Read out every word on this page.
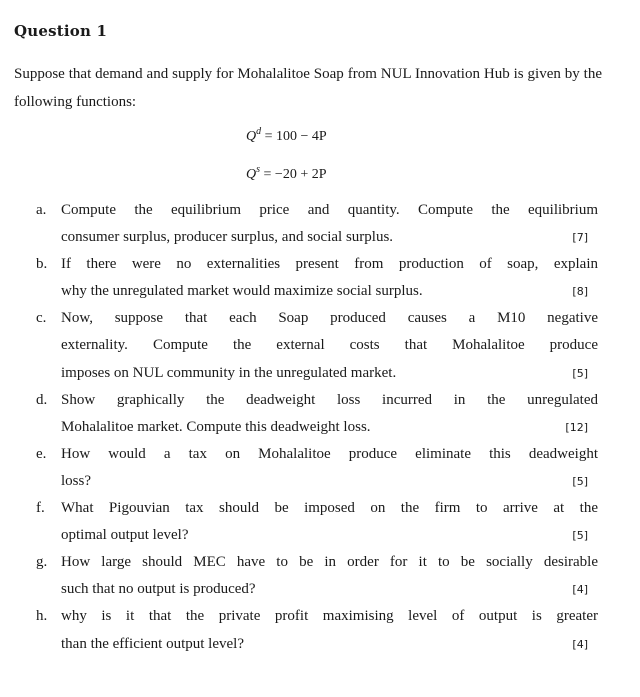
Question 1
Suppose that demand and supply for Mohalalitoe Soap from NUL Innovation Hub is given by the following functions:
$Q^d = 100 - 4P$
$Q^s = -20 + 2P$
a. Compute the equilibrium price and quantity. Compute the equilibrium
consumer surplus, producer surplus, and social surplus.	[7]
b. If there were no externalities present from production of soap, explain
why the unregulated market would maximize social surplus.	[8]
c. Now, suppose that each Soap produced causes a M10 negative
externality. Compute the external costs that Mohalalitoe produce
imposes on NUL community in the unregulated market.	[5]
d. Show graphically the deadweight loss incurred in the unregulated
Mohalalitoe market. Compute this deadweight loss.	[12]
e. How would a tax on Mohalalitoe produce eliminate this deadweight
loss?	[5]
f. What Pigouvian tax should be imposed on the firm to arrive at the
optimal output level?	[5]
g. How large should MEC have to be in order for it to be socially desirable
such that no output is produced?	[4]
h. why is it that the private profit maximising level of output is greater
than the efficient output level?	[4]
